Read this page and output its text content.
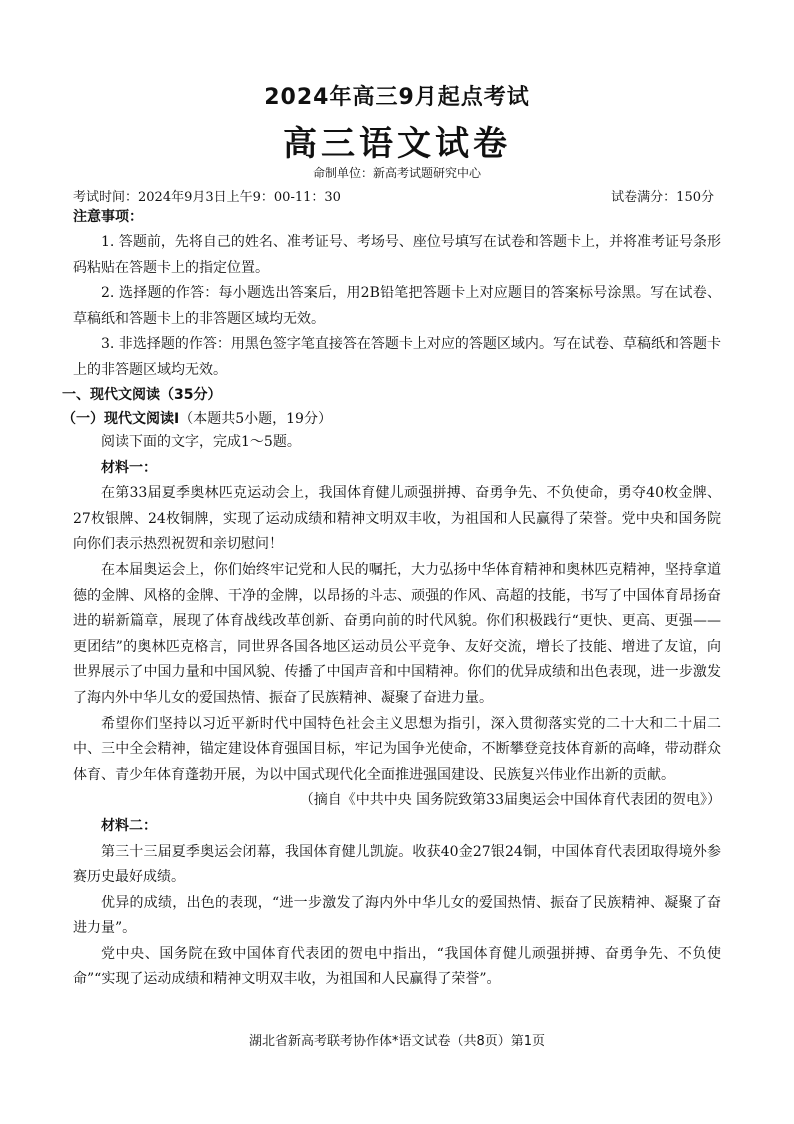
2024年高三9月起点考试
高三语文试卷
命制单位：新高考试题研究中心
考试时间：2024年9月3日上午9：00-11：30	试卷满分：150分
注意事项：

1. 答题前，先将自己的姓名、准考证号、考场号、座位号填写在试卷和答题卡上，并将准考证号条形码粘贴在答题卡上的指定位置。

2. 选择题的作答：每小题选出答案后，用2B铅笔把答题卡上对应题目的答案标号涂黑。写在试卷、草稿纸和答题卡上的非答题区域均无效。

3. 非选择题的作答：用黑色签字笔直接答在答题卡上对应的答题区域内。写在试卷、草稿纸和答题卡上的非答题区域均无效。

一、现代文阅读（35分）
（一）现代文阅读Ⅰ（本题共5小题，19分）

阅读下面的文字，完成1～5题。

材料一：

在第33届夏季奥林匹克运动会上，我国体育健儿顽强拼搏、奋勇争先、不负使命，勇夺40枚金牌、27枚银牌、24枚铜牌，实现了运动成绩和精神文明双丰收，为祖国和人民赢得了荣誉。党中央和国务院向你们表示热烈祝贺和亲切慰问！

在本届奥运会上，你们始终牢记党和人民的嘱托，大力弘扬中华体育精神和奥林匹克精神，坚持拿道德的金牌、风格的金牌、干净的金牌，以昂扬的斗志、顽强的作风、高超的技能，书写了中国体育昂扬奋进的崭新篇章，展现了体育战线改革创新、奋勇向前的时代风貌。你们积极践行“更快、更高、更强——更团结”的奥林匹克格言，同世界各国各地区运动员公平竞争、友好交流，增长了技能、增进了友谊，向世界展示了中国力量和中国风貌、传播了中国声音和中国精神。你们的优异成绩和出色表现，进一步激发了海内外中华儿女的爱国热情、振奋了民族精神、凝聚了奋进力量。

希望你们坚持以习近平新时代中国特色社会主义思想为指引，深入贯彻落实党的二十大和二十届二中、三中全会精神，锚定建设体育强国目标，牢记为国争光使命，不断攀登竞技体育新的高峰，带动群众体育、青少年体育蓬勃开展，为以中国式现代化全面推进强国建设、民族复兴伟业作出新的贡献。

（摘自《中共中央 国务院致第33届奥运会中国体育代表团的贺电》）

材料二：

第三十三届夏季奥运会闭幕，我国体育健儿凯旋。收获40金27银24铜，中国体育代表团取得境外参赛历史最好成绩。

优异的成绩，出色的表现，“进一步激发了海内外中华儿女的爱国热情、振奋了民族精神、凝聚了奋进力量”。

党中央、国务院在致中国体育代表团的贺电中指出，“我国体育健儿顽强拼搏、奋勇争先、不负使命”“实现了运动成绩和精神文明双丰收，为祖国和人民赢得了荣誉”。

湖北省新高考联考协作体*语文试卷（共8页）第1页
